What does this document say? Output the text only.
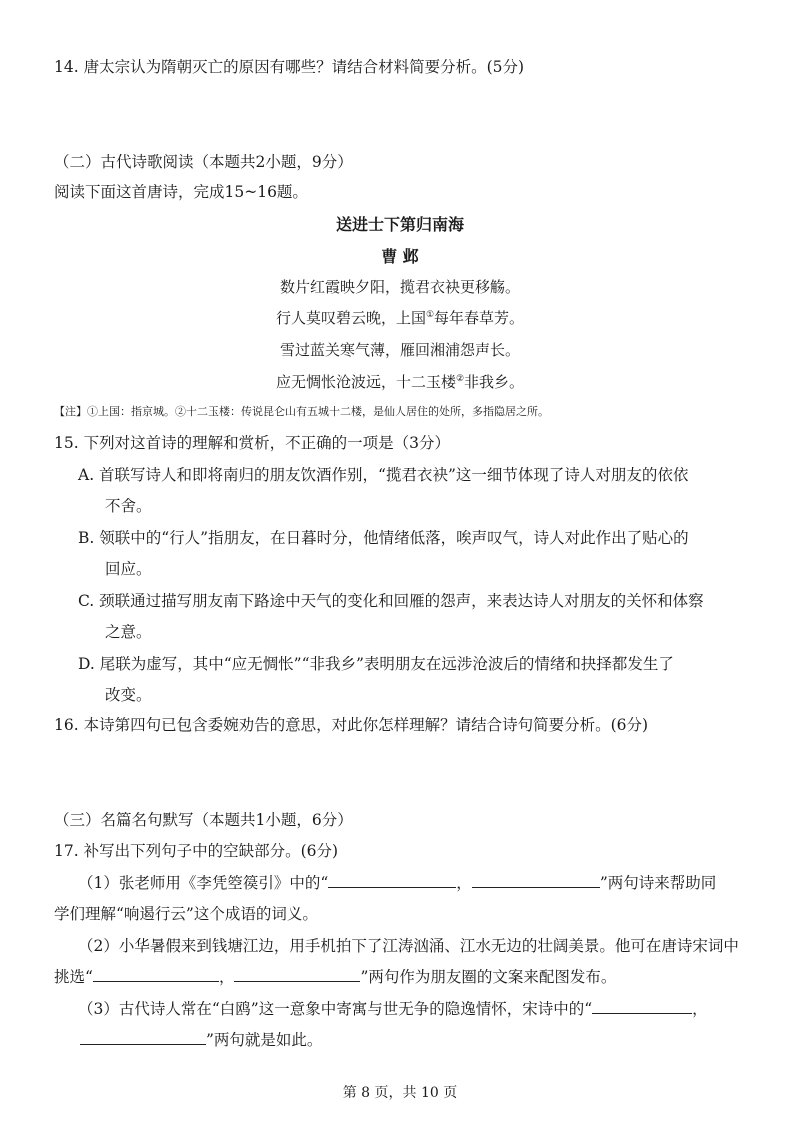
14. 唐太宗认为隋朝灭亡的原因有哪些？请结合材料简要分析。(5分)
（二）古代诗歌阅读（本题共2小题，9分）
阅读下面这首唐诗，完成15~16题。
送进士下第归南海
曹 邺
数片红霞映夕阳，揽君衣袂更移觞。
行人莫叹碧云晚，上国①每年春草芳。
雪过蓝关寒气薄，雁回湘浦怨声长。
应无惆怅沧波远，十二玉楼②非我乡。
【注】①上国：指京城。②十二玉楼：传说昆仑山有五城十二楼，是仙人居住的处所，多指隐居之所。
15. 下列对这首诗的理解和赏析，不正确的一项是（3分）
A. 首联写诗人和即将南归的朋友饮酒作别，“揽君衣袂”这一细节体现了诗人对朋友的依依
不舍。
B. 领联中的“行人”指朋友，在日暮时分，他情绪低落，唉声叹气，诗人对此作出了贴心的
回应。
C. 颈联通过描写朋友南下路途中天气的变化和回雁的怨声，来表达诗人对朋友的关怀和体察
之意。
D. 尾联为虚写，其中“应无惆怅”“非我乡”表明朋友在远涉沧波后的情绪和抉择都发生了
改变。
16. 本诗第四句已包含委婉劝告的意思，对此你怎样理解？请结合诗句简要分析。(6分)
（三）名篇名句默写（本题共1小题，6分）
17. 补写出下列句子中的空缺部分。(6分)
（1）张老师用《李凭箜篌引》中的“	，	”两句诗来帮助同
学们理解“响遏行云”这个成语的词义。
（2）小华暑假来到钱塘江边，用手机拍下了江涛汹涌、江水无边的壮阔美景。他可在唐诗宋词中
挑选“	，	”两句作为朋友圈的文案来配图发布。
（3）古代诗人常在“白鸥”这一意象中寄寓与世无争的隐逸情怀，宋诗中的“	，
”两句就是如此。
第 8 页，共 10 页
